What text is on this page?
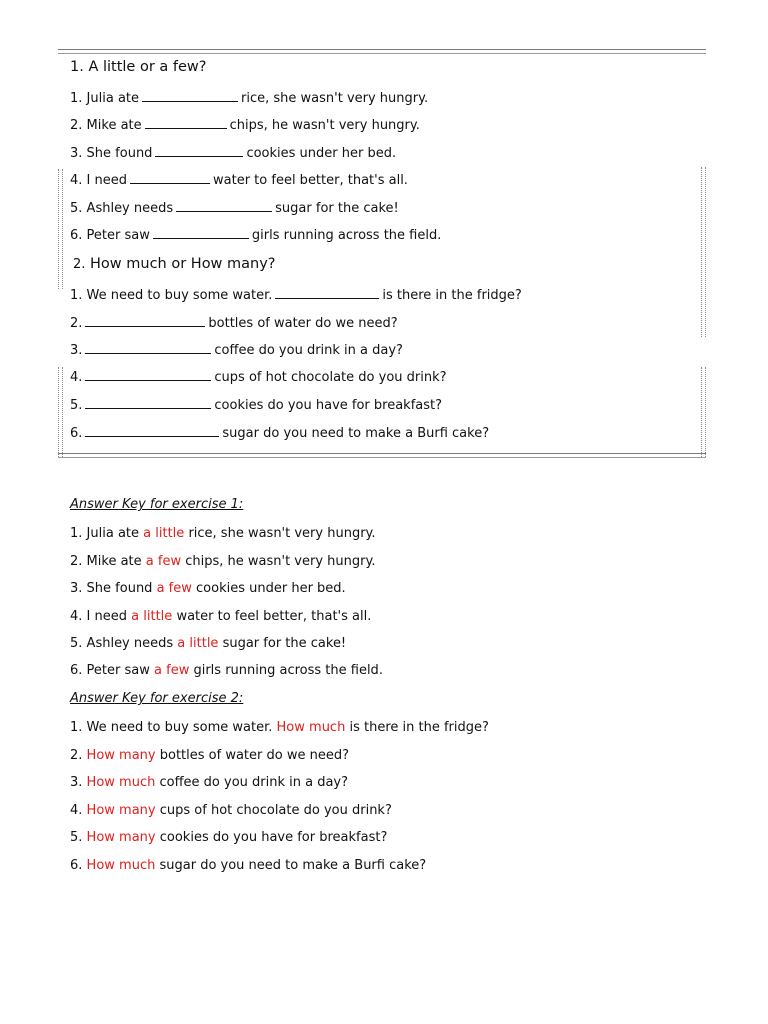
1. A little or a few?
1. Julia ate	rice, she wasn't very hungry.
2. Mike ate	chips, he wasn't very hungry.
3. She found	cookies under her bed.
4. I need	water to feel better, that's all.
5. Ashley needs	sugar for the cake!
6. Peter saw	girls running across the field.
2. How much or How many?
1. We need to buy some water.	is there in the fridge?
2.	bottles of water do we need?
3.	coffee do you drink in a day?
4.	cups of hot chocolate do you drink?
5.	cookies do you have for breakfast?
6.	sugar do you need to make a Burfi cake?
Answer Key for exercise 1:
1. Julia ate a little rice, she wasn't very hungry.
2. Mike ate a few chips, he wasn't very hungry.
3. She found a few cookies under her bed.
4. I need a little water to feel better, that's all.
5. Ashley needs a little sugar for the cake!
6. Peter saw a few girls running across the field.
Answer Key for exercise 2:
1. We need to buy some water. How much is there in the fridge?
2. How many bottles of water do we need?
3. How much coffee do you drink in a day?
4. How many cups of hot chocolate do you drink?
5. How many cookies do you have for breakfast?
6. How much sugar do you need to make a Burfi cake?
